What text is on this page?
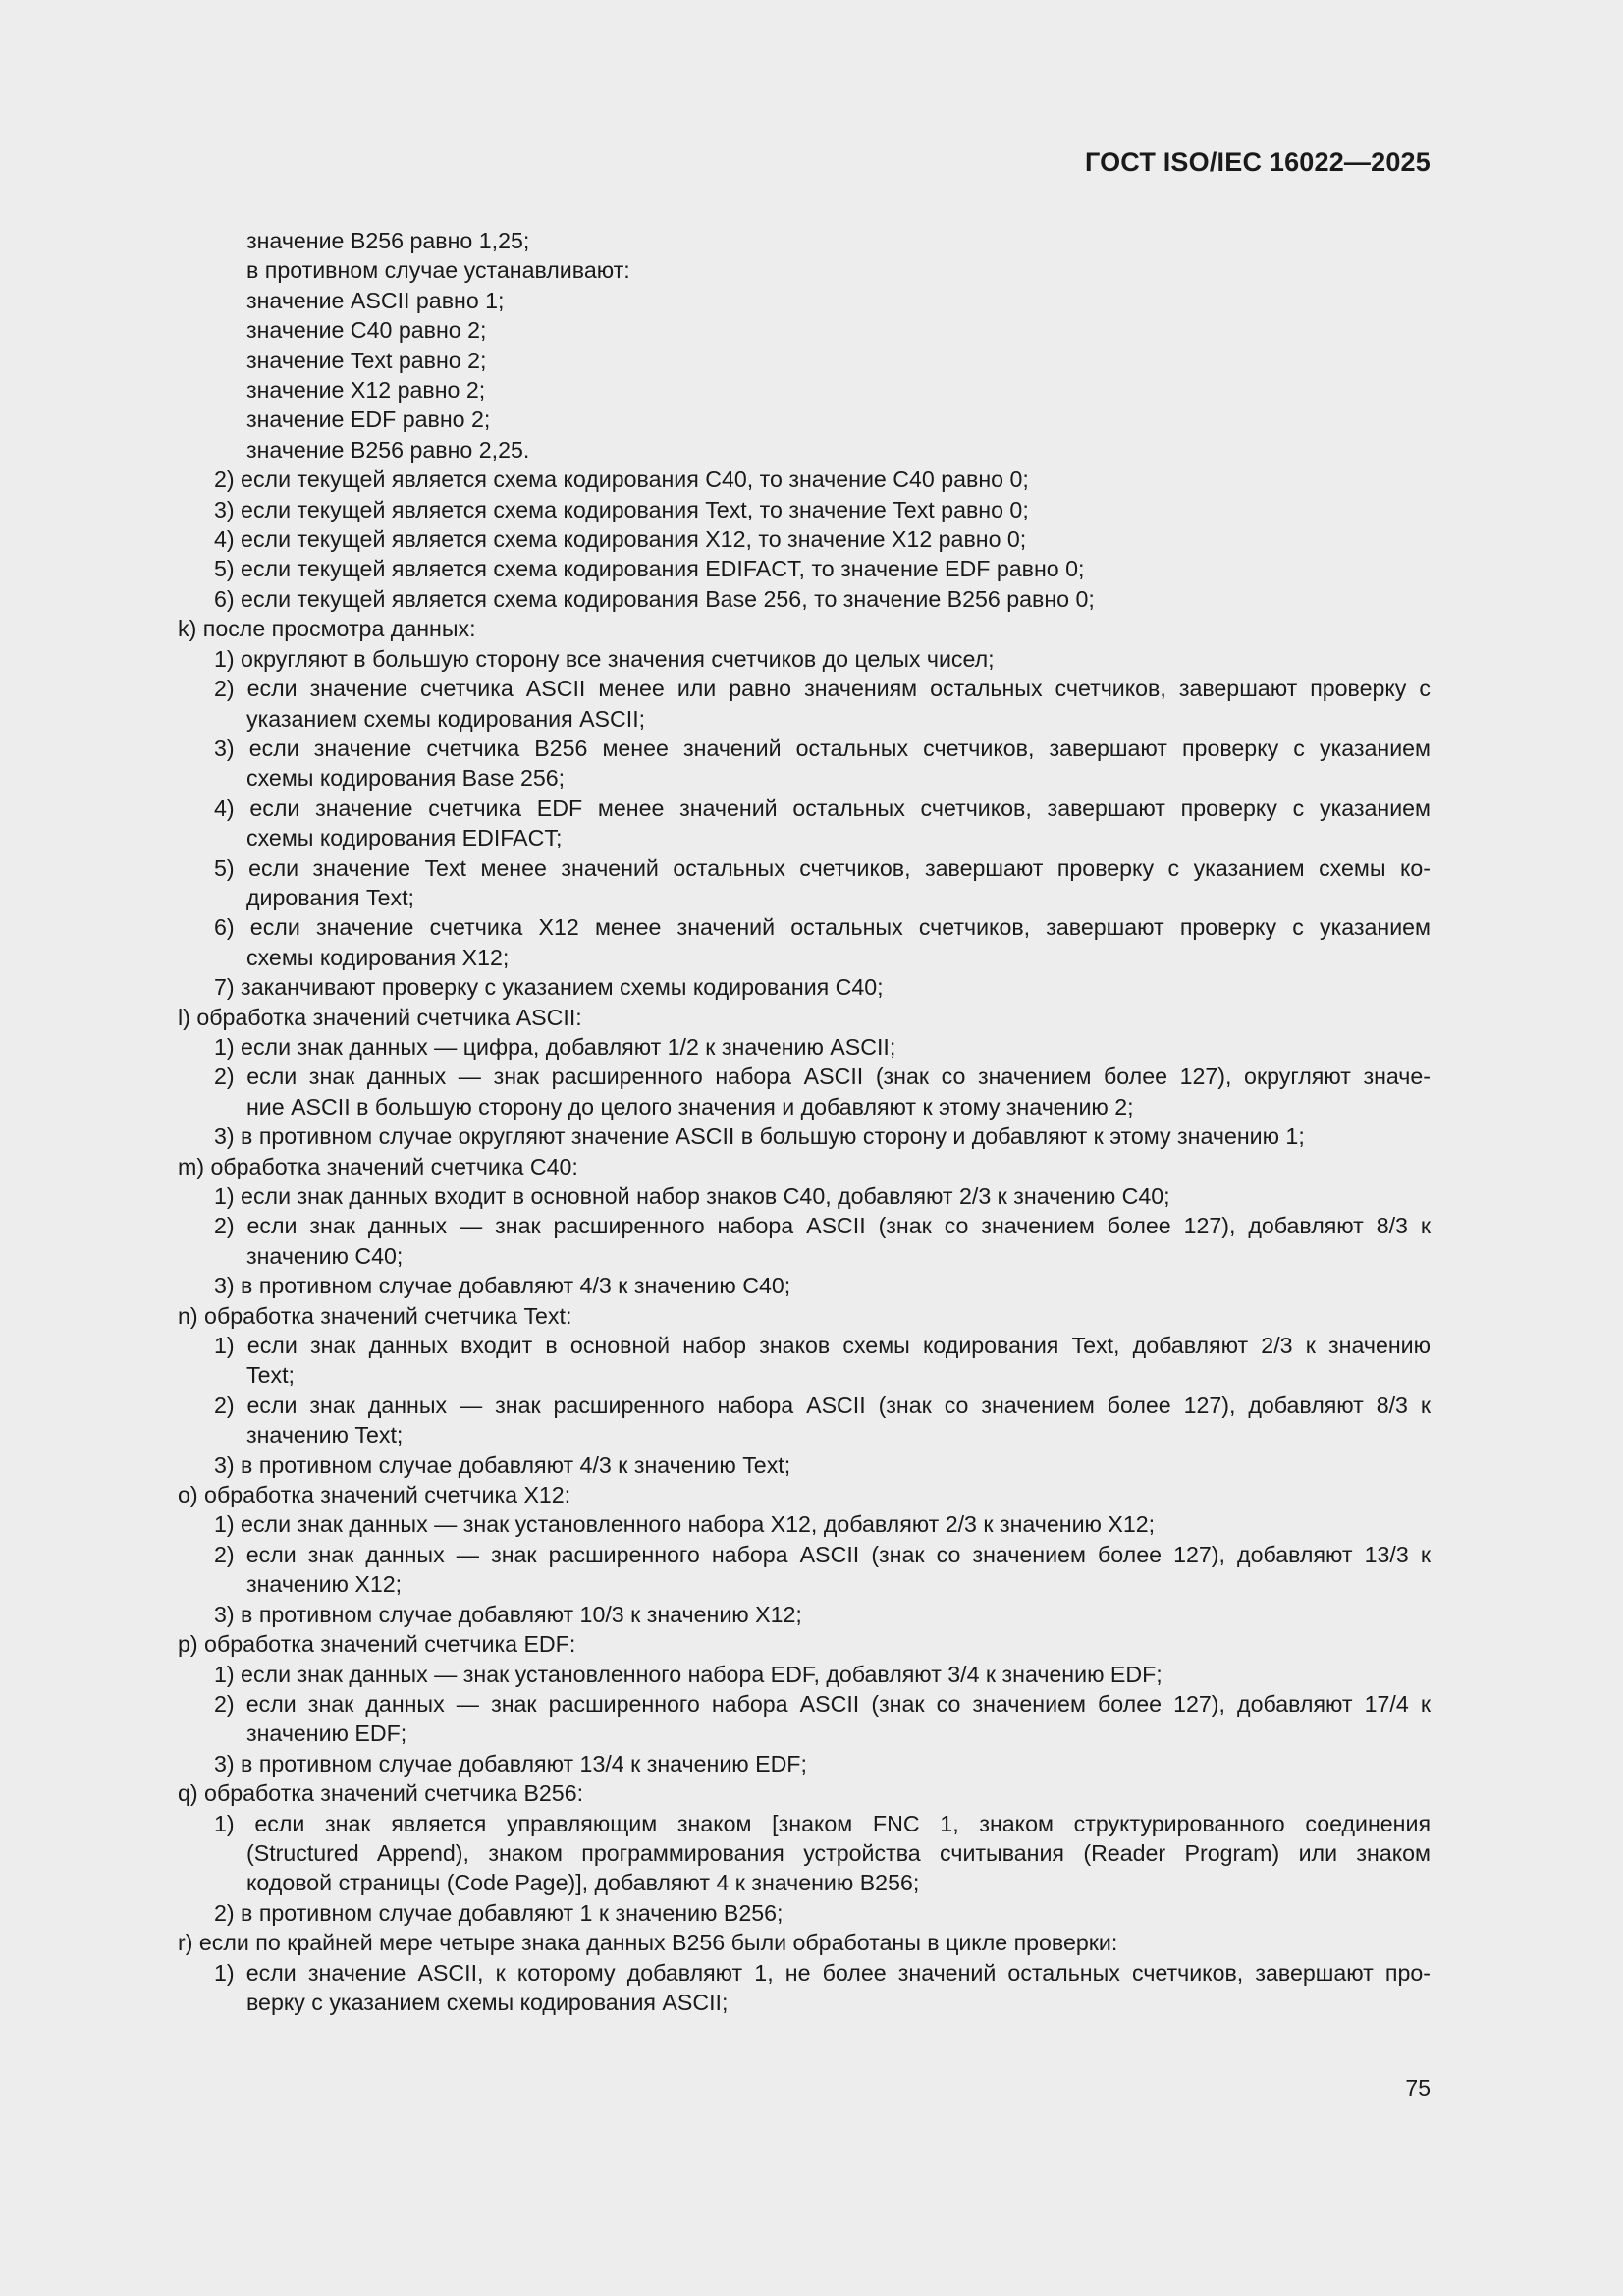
ГОСТ ISO/IEC 16022—2025
значение B256 равно 1,25;
в противном случае устанавливают:
значение ASCII равно 1;
значение C40 равно 2;
значение Text равно 2;
значение X12 равно 2;
значение EDF равно 2;
значение B256 равно 2,25.
2) если текущей является схема кодирования C40, то значение C40 равно 0;
3) если текущей является схема кодирования Text, то значение Text равно 0;
4) если текущей является схема кодирования X12, то значение X12 равно 0;
5) если текущей является схема кодирования EDIFACT, то значение EDF равно 0;
6) если текущей является схема кодирования Base 256, то значение B256 равно 0;
k) после просмотра данных:
1) округляют в большую сторону все значения счетчиков до целых чисел;
2) если значение счетчика ASCII менее или равно значениям остальных счетчиков, завершают проверку с
указанием схемы кодирования ASCII;
3) если значение счетчика B256 менее значений остальных счетчиков, завершают проверку с указанием
схемы кодирования Base 256;
4) если значение счетчика EDF менее значений остальных счетчиков, завершают проверку с указанием
схемы кодирования EDIFACT;
5) если значение Text менее значений остальных счетчиков, завершают проверку с указанием схемы ко-
дирования Text;
6) если значение счетчика X12 менее значений остальных счетчиков, завершают проверку с указанием
схемы кодирования X12;
7) заканчивают проверку с указанием схемы кодирования C40;
l) обработка значений счетчика ASCII:
1) если знак данных — цифра, добавляют 1/2 к значению ASCII;
2) если знак данных — знак расширенного набора ASCII (знак со значением более 127), округляют значе-
ние ASCII в большую сторону до целого значения и добавляют к этому значению 2;
3) в противном случае округляют значение ASCII в большую сторону и добавляют к этому значению 1;
m) обработка значений счетчика C40:
1) если знак данных входит в основной набор знаков C40, добавляют 2/3 к значению C40;
2) если знак данных — знак расширенного набора ASCII (знак со значением более 127), добавляют 8/3 к
значению C40;
3) в противном случае добавляют 4/3 к значению C40;
n) обработка значений счетчика Text:
1) если знак данных входит в основной набор знаков схемы кодирования Text, добавляют 2/3 к значению
Text;
2) если знак данных — знак расширенного набора ASCII (знак со значением более 127), добавляют 8/3 к
значению Text;
3) в противном случае добавляют 4/3 к значению Text;
o) обработка значений счетчика X12:
1) если знак данных — знак установленного набора X12, добавляют 2/3 к значению X12;
2) если знак данных — знак расширенного набора ASCII (знак со значением более 127), добавляют 13/3 к
значению X12;
3) в противном случае добавляют 10/3 к значению X12;
p) обработка значений счетчика EDF:
1) если знак данных — знак установленного набора EDF, добавляют 3/4 к значению EDF;
2) если знак данных — знак расширенного набора ASCII (знак со значением более 127), добавляют 17/4 к
значению EDF;
3) в противном случае добавляют 13/4 к значению EDF;
q) обработка значений счетчика B256:
1) если знак является управляющим знаком [знаком FNC 1, знаком структурированного соединения
(Structured Append), знаком программирования устройства считывания (Reader Program) или знаком
кодовой страницы (Code Page)], добавляют 4 к значению B256;
2) в противном случае добавляют 1 к значению B256;
r) если по крайней мере четыре знака данных B256 были обработаны в цикле проверки:
1) если значение ASCII, к которому добавляют 1, не более значений остальных счетчиков, завершают про-
верку с указанием схемы кодирования ASCII;
75
